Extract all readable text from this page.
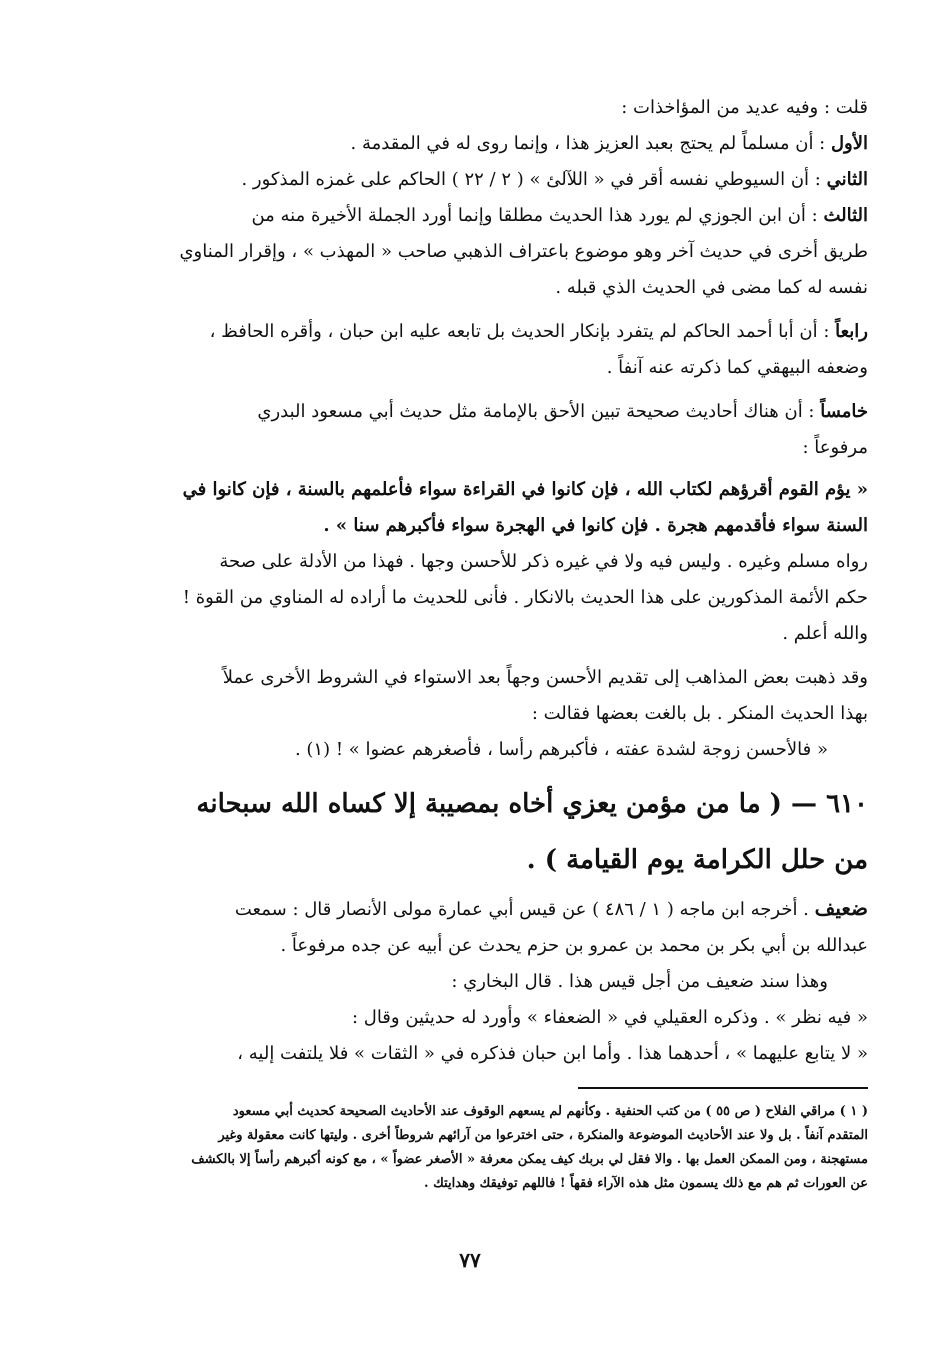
قلت : وفيه عديد من المؤاخذات :

الأول : أن مسلماً لم يحتج بعبد العزيز هذا ، وإنما روى له في المقدمة .

الثاني : أن السيوطي نفسه أقر في « اللآلئ » ( ٢ / ٢٢ ) الحاكم على غمزه المذكور .

الثالث : أن ابن الجوزي لم يورد هذا الحديث مطلقا وإنما أورد الجملة الأخيرة منه من
طريق أخرى في حديث آخر وهو موضوع باعتراف الذهبي صاحب « المهذب » ، وإقرار المناوي
نفسه له كما مضى في الحديث الذي قبله .

رابعاً : أن أبا أحمد الحاكم لم يتفرد بإنكار الحديث بل تابعه عليه ابن حبان ، وأقره الحافظ ،
وضعفه البيهقي كما ذكرته عنه آنفاً .

خامساً : أن هناك أحاديث صحيحة تبين الأحق بالإمامة مثل حديث أبي مسعود البدري
مرفوعاً :

« يؤم القوم أقرؤهم لكتاب الله ، فإن كانوا في القراءة سواء فأعلمهم بالسنة ، فإن كانوا في
السنة سواء فأقدمهم هجرة . فإن كانوا في الهجرة سواء فأكبرهم سنا » .

رواه مسلم وغيره . وليس فيه ولا في غيره ذكر للأحسن وجها . فهذا من الأدلة على صحة
حكم الأئمة المذكورين على هذا الحديث بالانكار . فأنى للحديث ما أراده له المناوي من القوة !
والله أعلم .

وقد ذهبت بعض المذاهب إلى تقديم الأحسن وجهاً بعد الاستواء في الشروط الأخرى عملاً
بهذا الحديث المنكر . بل بالغت بعضها فقالت :

« فالأحسن زوجة لشدة عفته ، فأكبرهم رأسا ، فأصغرهم عضوا » ! (١) .

٦١٠ — ( ما من مؤمن يعزي أخاه بمصيبة إلا كساه الله سبحانه
من حلل الكرامة يوم القيامة ) .

ضعيف . أخرجه ابن ماجه ( ١ / ٤٨٦ ) عن قيس أبي عمارة مولى الأنصار قال : سمعت
عبدالله بن أبي بكر بن محمد بن عمرو بن حزم يحدث عن أبيه عن جده مرفوعاً .
وهذا سند ضعيف من أجل قيس هذا . قال البخاري :
« فيه نظر » . وذكره العقيلي في « الضعفاء » وأورد له حديثين وقال :
« لا يتابع عليهما » ، أحدهما هذا . وأما ابن حبان فذكره في « الثقات » فلا يلتفت إليه ،

( ١ ) مراقي الفلاح ( ص ٥٥ ) من كتب الحنفية . وكأنهم لم يسعهم الوقوف عند الأحاديث الصحيحة كحديث أبي مسعود

المتقدم آنفاً . بل ولا عند الأحاديث الموضوعة والمنكرة ، حتى اخترعوا من آرائهم شروطاً أخرى . وليتها كانت معقولة وغير

مستهجنة ، ومن الممكن العمل بها . والا فقل لي بربك كيف يمكن معرفة « الأصغر عضواً » ، مع كونه أكبرهم رأساً إلا بالكشف

عن العورات ثم هم مع ذلك يسمون مثل هذه الآراء فقهاً ! فاللهم توفيقك وهدايتك .

٧٧
